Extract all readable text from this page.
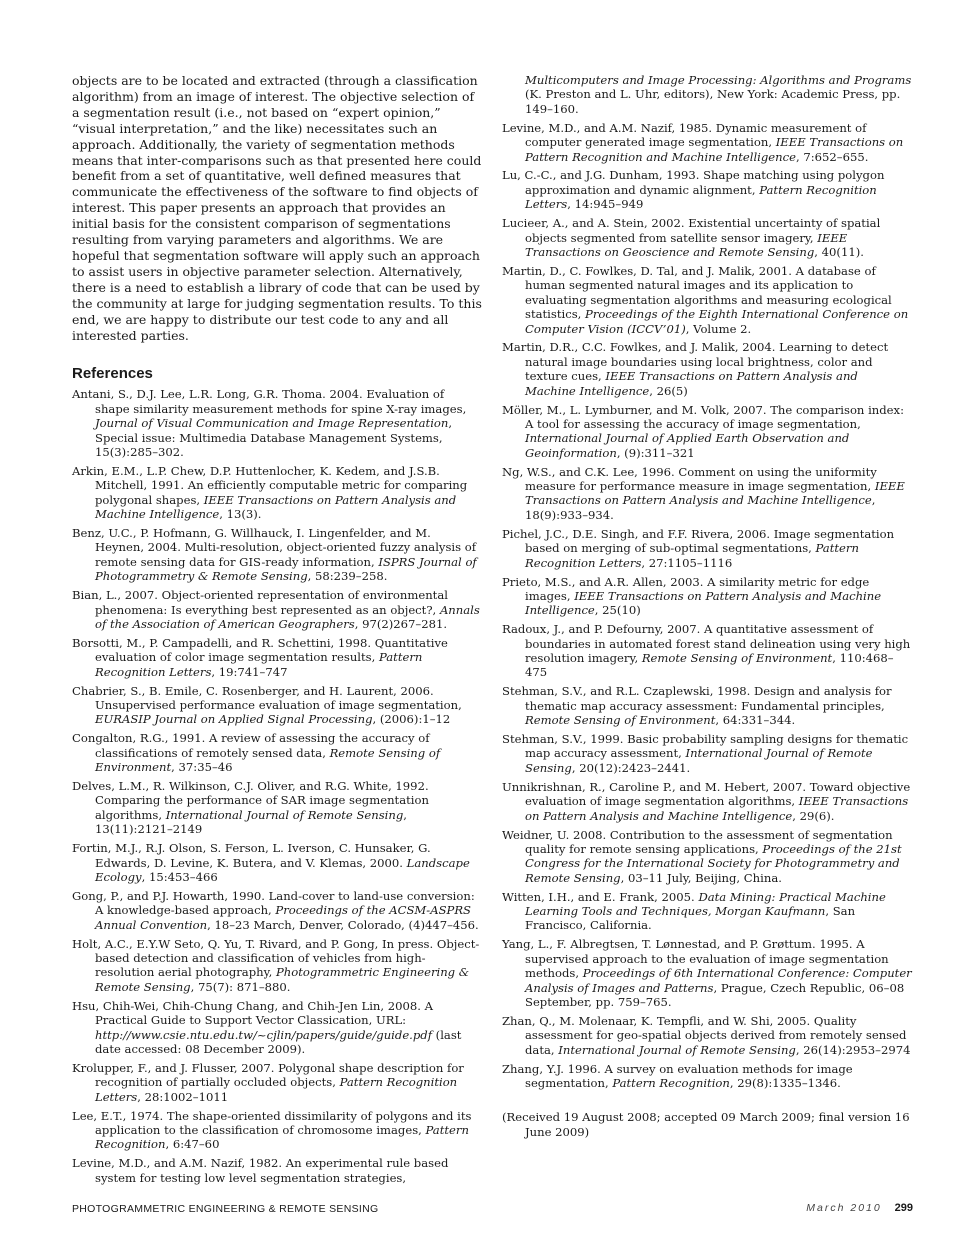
objects are to be located and extracted (through a classification algorithm) from an image of interest. The objective selection of a segmentation result (i.e., not based on “expert opinion,” “visual interpretation,” and the like) necessitates such an approach. Additionally, the variety of segmentation methods means that inter-comparisons such as that presented here could benefit from a set of quantitative, well defined measures that communicate the effectiveness of the software to find objects of interest. This paper presents an approach that provides an initial basis for the consistent comparison of segmentations resulting from varying parameters and algorithms. We are hopeful that segmentation software will apply such an approach to assist users in objective parameter selection. Alternatively, there is a need to establish a library of code that can be used by the community at large for judging segmentation results. To this end, we are happy to distribute our test code to any and all interested parties.

References

Antani, S., D.J. Lee, L.R. Long, G.R. Thoma. 2004. Evaluation of shape similarity measurement methods for spine X-ray images, Journal of Visual Communication and Image Representation, Special issue: Multimedia Database Management Systems, 15(3):285–302.

Arkin, E.M., L.P. Chew, D.P. Huttenlocher, K. Kedem, and J.S.B. Mitchell, 1991. An efficiently computable metric for comparing polygonal shapes, IEEE Transactions on Pattern Analysis and Machine Intelligence, 13(3).

Benz, U.C., P. Hofmann, G. Willhauck, I. Lingenfelder, and M. Heynen, 2004. Multi-resolution, object-oriented fuzzy analysis of remote sensing data for GIS-ready information, ISPRS Journal of Photogrammetry & Remote Sensing, 58:239–258.

Bian, L., 2007. Object-oriented representation of environmental phenomena: Is everything best represented as an object?, Annals of the Association of American Geographers, 97(2)267–281.

Borsotti, M., P. Campadelli, and R. Schettini, 1998. Quantitative evaluation of color image segmentation results, Pattern Recognition Letters, 19:741–747

Chabrier, S., B. Emile, C. Rosenberger, and H. Laurent, 2006. Unsupervised performance evaluation of image segmentation, EURASIP Journal on Applied Signal Processing, (2006):1–12

Congalton, R.G., 1991. A review of assessing the accuracy of classifications of remotely sensed data, Remote Sensing of Environment, 37:35–46

Delves, L.M., R. Wilkinson, C.J. Oliver, and R.G. White, 1992. Comparing the performance of SAR image segmentation algorithms, International Journal of Remote Sensing, 13(11):2121–2149

Fortin, M.J., R.J. Olson, S. Ferson, L. Iverson, C. Hunsaker, G. Edwards, D. Levine, K. Butera, and V. Klemas, 2000. Landscape Ecology, 15:453–466

Gong, P., and P.J. Howarth, 1990. Land-cover to land-use conversion: A knowledge-based approach, Proceedings of the ACSM-ASPRS Annual Convention, 18–23 March, Denver, Colorado, (4)447–456.

Holt, A.C., E.Y.W Seto, Q. Yu, T. Rivard, and P. Gong, In press. Object-based detection and classification of vehicles from high-resolution aerial photography, Photogrammetric Engineering & Remote Sensing, 75(7): 871–880.

Hsu, Chih-Wei, Chih-Chung Chang, and Chih-Jen Lin, 2008. A Practical Guide to Support Vector Classication, URL: http://www.csie.ntu.edu.tw/~cjlin/papers/guide/guide.pdf (last date accessed: 08 December 2009).

Krolupper, F., and J. Flusser, 2007. Polygonal shape description for recognition of partially occluded objects, Pattern Recognition Letters, 28:1002–1011

Lee, E.T., 1974. The shape-oriented dissimilarity of polygons and its application to the classification of chromosome images, Pattern Recognition, 6:47–60

Levine, M.D., and A.M. Nazif, 1982. An experimental rule based system for testing low level segmentation strategies,

Multicomputers and Image Processing: Algorithms and Programs (K. Preston and L. Uhr, editors), New York: Academic Press, pp. 149–160.

Levine, M.D., and A.M. Nazif, 1985. Dynamic measurement of computer generated image segmentation, IEEE Transactions on Pattern Recognition and Machine Intelligence, 7:652–655.

Lu, C.-C., and J.G. Dunham, 1993. Shape matching using polygon approximation and dynamic alignment, Pattern Recognition Letters, 14:945–949

Lucieer, A., and A. Stein, 2002. Existential uncertainty of spatial objects segmented from satellite sensor imagery, IEEE Transactions on Geoscience and Remote Sensing, 40(11).

Martin, D., C. Fowlkes, D. Tal, and J. Malik, 2001. A database of human segmented natural images and its application to evaluating segmentation algorithms and measuring ecological statistics, Proceedings of the Eighth International Conference on Computer Vision (ICCV’01), Volume 2.

Martin, D.R., C.C. Fowlkes, and J. Malik, 2004. Learning to detect natural image boundaries using local brightness, color and texture cues, IEEE Transactions on Pattern Analysis and Machine Intelligence, 26(5)

Möller, M., L. Lymburner, and M. Volk, 2007. The comparison index: A tool for assessing the accuracy of image segmentation, International Journal of Applied Earth Observation and Geoinformation, (9):311–321

Ng, W.S., and C.K. Lee, 1996. Comment on using the uniformity measure for performance measure in image segmentation, IEEE Transactions on Pattern Analysis and Machine Intelligence, 18(9):933–934.

Pichel, J.C., D.E. Singh, and F.F. Rivera, 2006. Image segmentation based on merging of sub-optimal segmentations, Pattern Recognition Letters, 27:1105–1116

Prieto, M.S., and A.R. Allen, 2003. A similarity metric for edge images, IEEE Transactions on Pattern Analysis and Machine Intelligence, 25(10)

Radoux, J., and P. Defourny, 2007. A quantitative assessment of boundaries in automated forest stand delineation using very high resolution imagery, Remote Sensing of Environment, 110:468–475

Stehman, S.V., and R.L. Czaplewski, 1998. Design and analysis for thematic map accuracy assessment: Fundamental principles, Remote Sensing of Environment, 64:331–344.

Stehman, S.V., 1999. Basic probability sampling designs for thematic map accuracy assessment, International Journal of Remote Sensing, 20(12):2423–2441.

Unnikrishnan, R., Caroline P., and M. Hebert, 2007. Toward objective evaluation of image segmentation algorithms, IEEE Transactions on Pattern Analysis and Machine Intelligence, 29(6).

Weidner, U. 2008. Contribution to the assessment of segmentation quality for remote sensing applications, Proceedings of the 21st Congress for the International Society for Photogrammetry and Remote Sensing, 03–11 July, Beijing, China.

Witten, I.H., and E. Frank, 2005. Data Mining: Practical Machine Learning Tools and Techniques, Morgan Kaufmann, San Francisco, California.

Yang, L., F. Albregtsen, T. Lønnestad, and P. Grøttum. 1995. A supervised approach to the evaluation of image segmentation methods, Proceedings of 6th International Conference: Computer Analysis of Images and Patterns, Prague, Czech Republic, 06–08 September, pp. 759–765.

Zhan, Q., M. Molenaar, K. Tempfli, and W. Shi, 2005. Quality assessment for geo-spatial objects derived from remotely sensed data, International Journal of Remote Sensing, 26(14):2953–2974

Zhang, Y.J. 1996. A survey on evaluation methods for image segmentation, Pattern Recognition, 29(8):1335–1346.

(Received 19 August 2008; accepted 09 March 2009; final version 16 June 2009)

PHOTOGRAMMETRIC ENGINEERING & REMOTE SENSING	March 2010 299
